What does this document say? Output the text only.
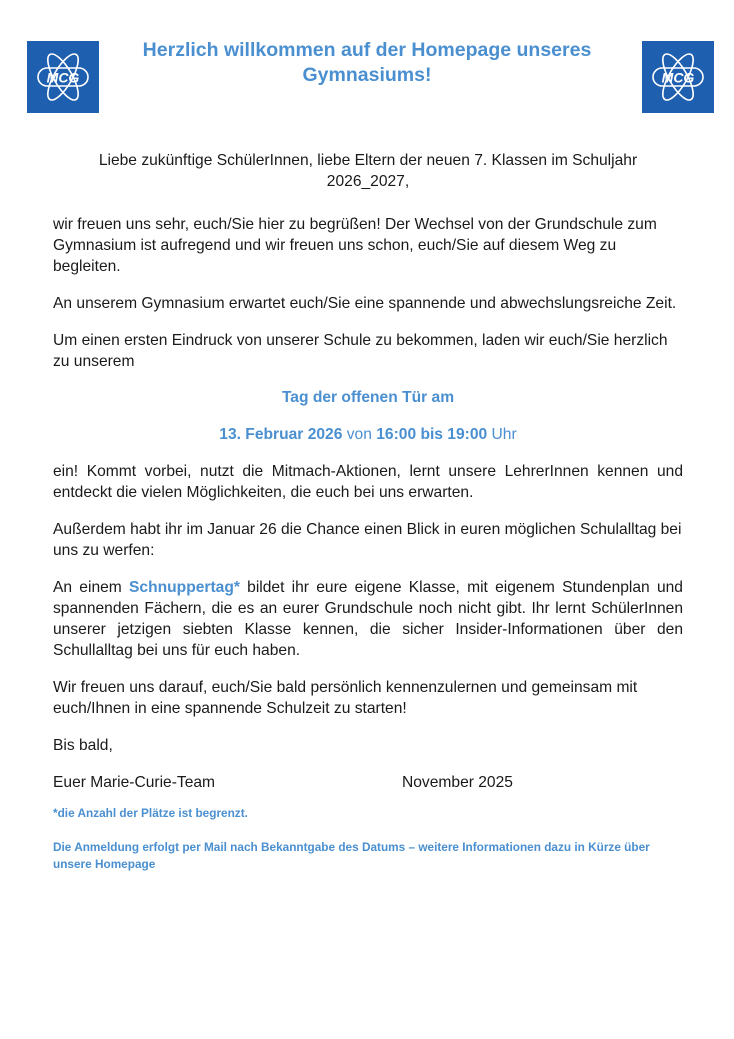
MCG
Herzlich willkommen auf der Homepage unseres Gymnasiums!	MCG

Liebe zukünftige SchülerInnen, liebe Eltern der neuen 7. Klassen im Schuljahr 2026_2027,

wir freuen uns sehr, euch/Sie hier zu begrüßen! Der Wechsel von der Grundschule zum Gymnasium ist aufregend und wir freuen uns schon, euch/Sie auf diesem Weg zu begleiten.

An unserem Gymnasium erwartet euch/Sie eine spannende und abwechslungsreiche Zeit.

Um einen ersten Eindruck von unserer Schule zu bekommen, laden wir euch/Sie herzlich zu unserem

Tag der offenen Tür am

13. Februar 2026 von 16:00 bis 19:00 Uhr

ein! Kommt vorbei, nutzt die Mitmach-Aktionen, lernt unsere LehrerInnen kennen und entdeckt die vielen Möglichkeiten, die euch bei uns erwarten.

Außerdem habt ihr im Januar 26 die Chance einen Blick in euren möglichen Schulalltag bei uns zu werfen:

An einem Schnuppertag* bildet ihr eure eigene Klasse, mit eigenem Stundenplan und spannenden Fächern, die es an eurer Grundschule noch nicht gibt. Ihr lernt SchülerInnen unserer jetzigen siebten Klasse kennen, die sicher Insider-Informationen über den Schullalltag bei uns für euch haben.

Wir freuen uns darauf, euch/Sie bald persönlich kennenzulernen und gemeinsam mit euch/Ihnen in eine spannende Schulzeit zu starten!

Bis bald,

Euer Marie-Curie-Team	November 2025

*die Anzahl der Plätze ist begrenzt.

Die Anmeldung erfolgt per Mail nach Bekanntgabe des Datums – weitere Informationen dazu in Kürze über unsere Homepage
